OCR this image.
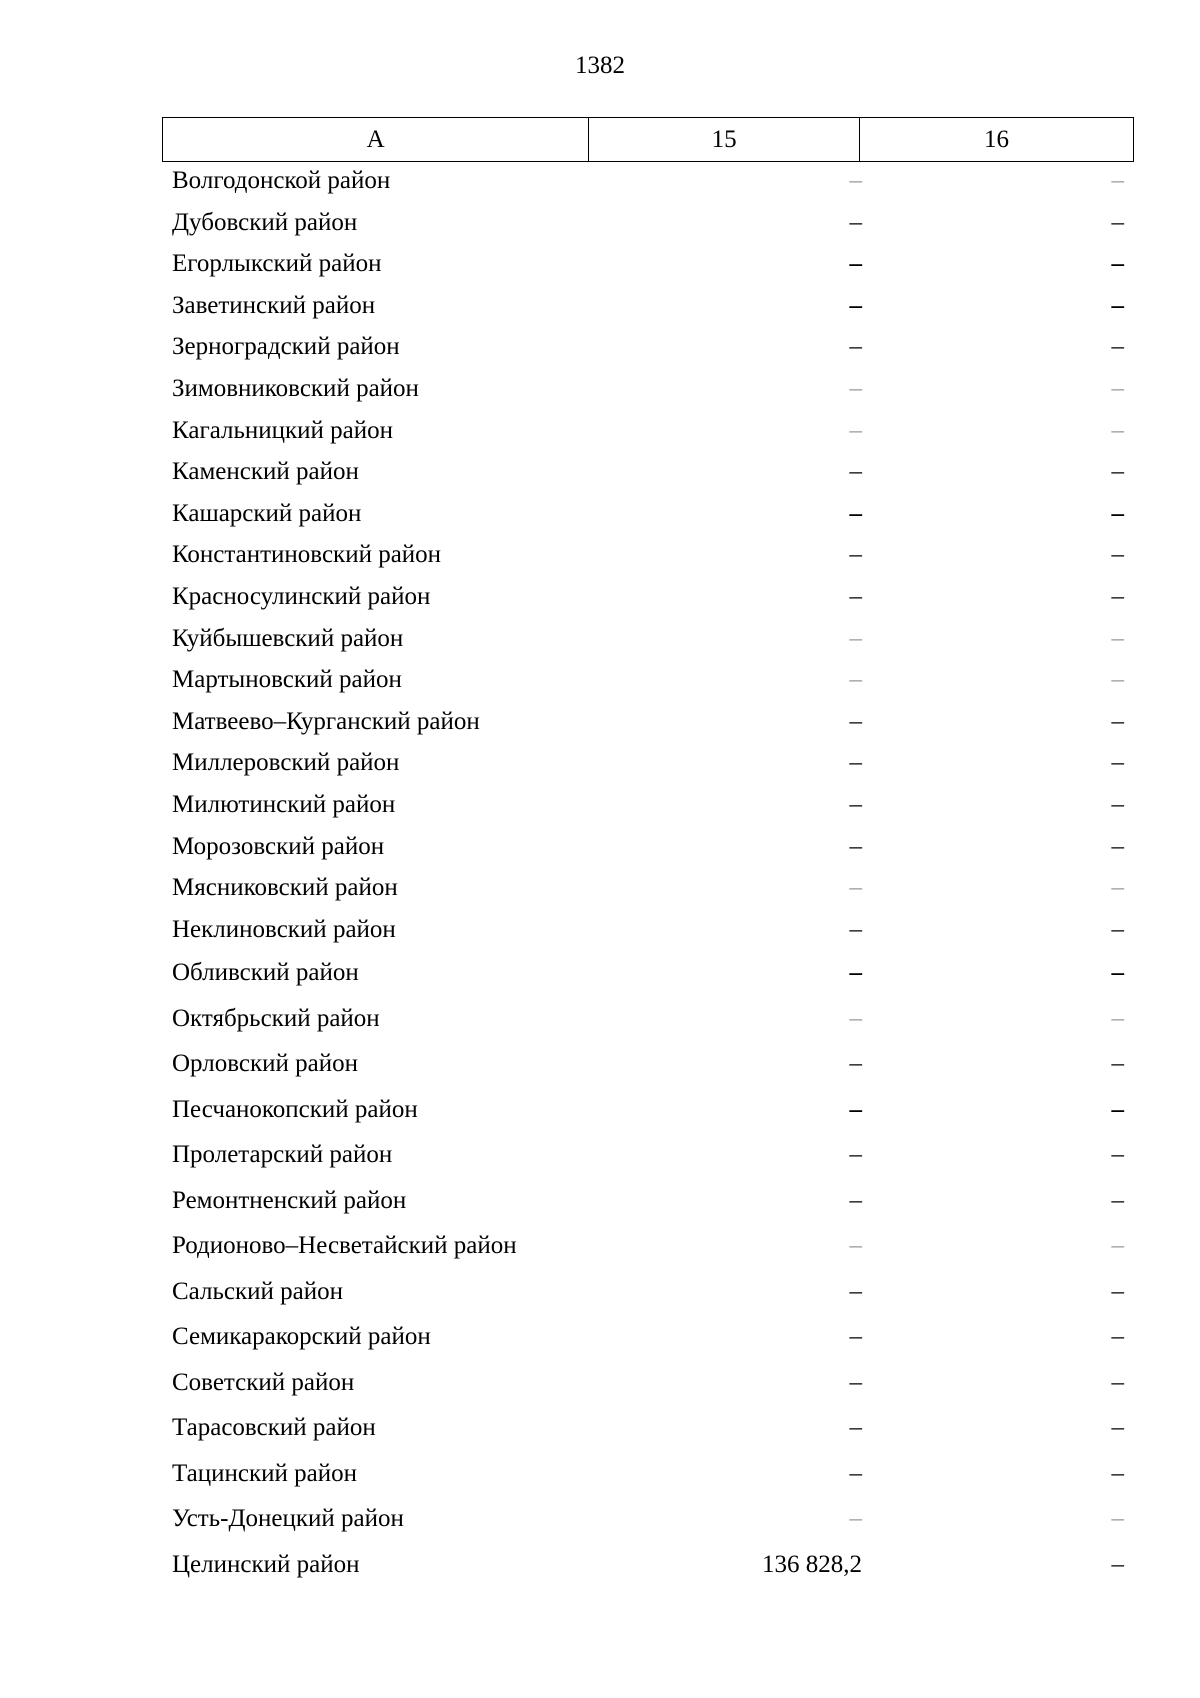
1382
A	15	16
Волгодонской район	–	–
Дубовский район	–	–
Егорлыкский район	–	–
Заветинский район	–	–
Зерноградский район	–	–
Зимовниковский район	–	–
Кагальницкий район	–	–
Каменский район	–	–
Кашарский район	–	–
Константиновский район	–	–
Красносулинский район	–	–
Куйбышевский район	–	–
Мартыновский район	–	–
Матвеево–Курганский район	–	–
Миллеровский район	–	–
Милютинский район	–	–
Морозовский район	–	–
Мясниковский район	–	–
Неклиновский район	–	–
Обливский район	–	–
Октябрьский район	–	–
Орловский район	–	–
Песчанокопский район	–	–
Пролетарский район	–	–
Ремонтненский район	–	–
Родионово–Несветайский район	–	–
Сальский район	–	–
Семикаракорский район	–	–
Советский район	–	–
Тарасовский район	–	–
Тацинский район	–	–
Усть-Донецкий район	–	–
Целинский район	136 828,2	–
